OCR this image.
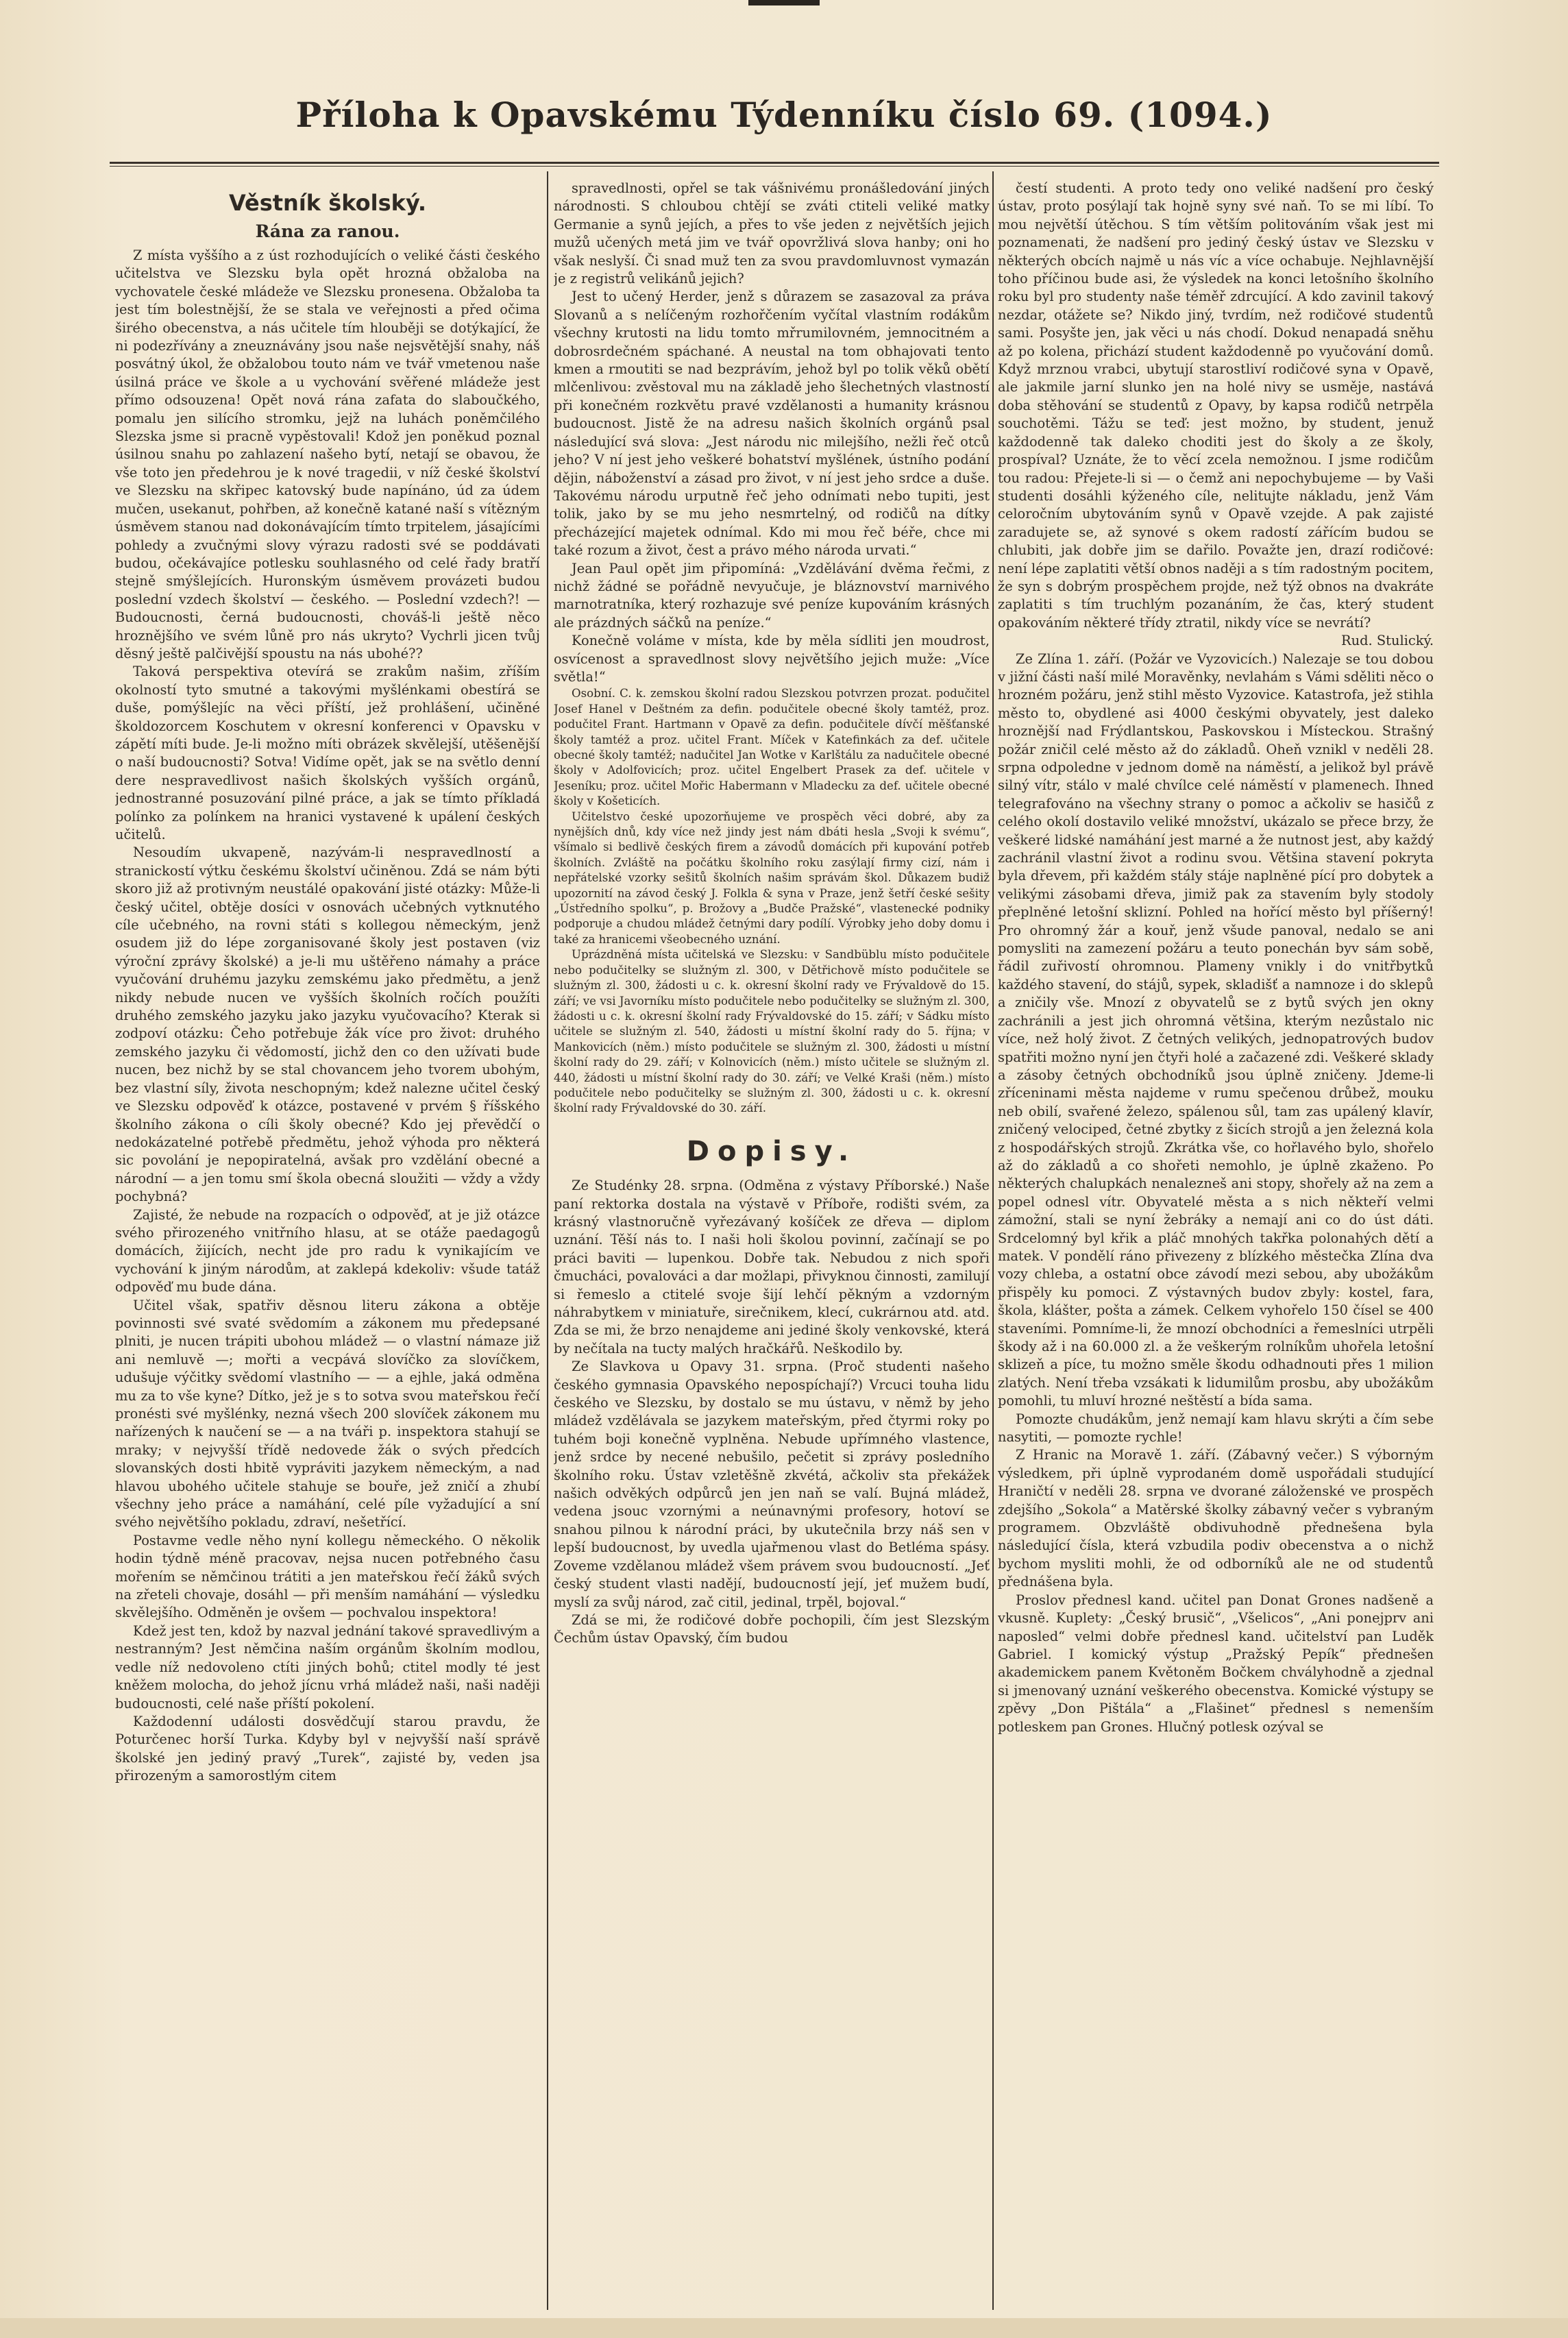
Příloha k Opavskému Týdenníku číslo 69. (1094.)
Věstník školský.
Rána za ranou.

Z místa vyššího a z úst rozhodujících o veliké části českého učitelstva ve Slezsku byla opět hrozná obžaloba na vychovatele české mládeže ve Slezsku pronesena. Obžaloba ta jest tím bolestnější, že se stala ve veřejnosti a před očima širého obecenstva, a nás učitele tím hlouběji se dotýkající, že ni podezřívány a zneuznávány jsou naše nejsvětější snahy, náš posvátný úkol, že obžalobou touto nám ve tvář vmetenou naše úsilná práce ve škole a u vychování svěřené mládeže jest přímo odsouzena! Opět nová rána zafata do slaboučkého, pomalu jen silícího stromku, jejž na luhách poněmčilého Slezska jsme si pracně vypěstovali! Kdož jen poněkud poznal úsilnou snahu po zahlazení našeho bytí, netají se obavou, že vše toto jen předehrou je k nové tragedii, v níž české školství ve Slezsku na skřipec katovský bude napínáno, úd za údem mučen, usekanut, pohřben, až konečně katané naší s vítězným úsměvem stanou nad dokonávajícím tímto trpitelem, jásajícími pohledy a zvučnými slovy výrazu radosti své se poddávati budou, očekávajíce potlesku souhlasného od celé řady bratří stejně smýšlejících. Huronským úsměvem provázeti budou poslední vzdech školství — českého. — Poslední vzdech?! — Budoucnosti, černá budoucnosti, chováš-li ještě něco hroznějšího ve svém lůně pro nás ukryto? Vychrli jicen tvůj děsný ještě palčivější spoustu na nás ubohé??

Taková perspektiva otevírá se zrakům našim, zříším okolností tyto smutné a takovými myšlénkami obestírá se duše, pomýšlejíc na věci příští, jež prohlášení, učiněné školdozorcem Koschutem v okresní konferenci v Opavsku v zápětí míti bude. Je-li možno míti obrázek skvělejší, utěšenější o naší budoucnosti? Sotva! Vidíme opět, jak se na světlo denní dere nespravedlivost našich školských vyšších orgánů, jednostranné posuzování pilné práce, a jak se tímto příkladá polínko za polínkem na hranici vystavené k upálení českých učitelů.

Nesoudím ukvapeně, nazývám-li nespravedlností a stranickostí výtku českému školství učiněnou. Zdá se nám býti skoro již až protivným neustálé opakování jisté otázky: Může-li český učitel, obtěje dosíci v osnovách učebných vytknutého cíle učebného, na rovni státi s kollegou německým, jenž osudem již do lépe zorganisované školy jest postaven (viz výroční zprávy školské) a je-li mu uštěřeno námahy a práce vyučování druhému jazyku zemskému jako předmětu, a jenž nikdy nebude nucen ve vyšších školních ročích použíti druhého zemského jazyku jako jazyku vyučovacího? Kterak si zodpoví otázku: Čeho potřebuje žák více pro život: druhého zemského jazyku či vědomostí, jichž den co den užívati bude nucen, bez nichž by se stal chovancem jeho tvorem ubohým, bez vlastní síly, života neschopným; kdež nalezne učitel český ve Slezsku odpověď k otázce, postavené v prvém § říšského školního zákona o cíli školy obecné? Kdo jej převědčí o nedokázatelné potřebě předmětu, jehož výhoda pro některá sic povolání je nepopiratelná, avšak pro vzdělání obecné a národní — a jen tomu smí škola obecná sloužiti — vždy a vždy pochybná?

Zajisté, že nebude na rozpacích o odpověď, at je již otázce svého přirozeného vnitřního hlasu, at se otáže paedagogů domácích, žijících, necht jde pro radu k vynikajícím ve vychování k jiným národům, at zaklepá kdekoliv: všude tatáž odpověď mu bude dána.

Učitel však, spatřiv děsnou literu zákona a obtěje povinnosti své svaté svědomím a zákonem mu předepsané plniti, je nucen trápiti ubohou mládež — o vlastní námaze již ani nemluvě —; mořti a vecpává slovíčko za slovíčkem, udušuje výčitky svědomí vlastního — — a ejhle, jaká odměna mu za to vše kyne? Dítko, jež je s to sotva svou mateřskou řečí pronésti své myšlénky, nezná všech 200 slovíček zákonem mu nařízených k naučení se — a na tváři p. inspektora stahují se mraky; v nejvyšší třídě nedovede žák o svých předcích slovanských dosti hbitě vypráviti jazykem německým, a nad hlavou ubohého učitele stahuje se bouře, jež zničí a zhubí všechny jeho práce a namáhání, celé píle vyžadující a sní svého největšího pokladu, zdraví, nešetřící.

Postavme vedle něho nyní kollegu německého. O několik hodin týdně méně pracovav, nejsa nucen potřebného času mořením se němčinou trátiti a jen mateřskou řečí žáků svých na zřeteli chovaje, dosáhl — při menším namáhání — výsledku skvělejšího. Odměněn je ovšem — pochvalou inspektora!

Kdež jest ten, kdož by nazval jednání takové spravedlivým a nestranným? Jest němčina naším orgánům školním modlou, vedle níž nedovoleno ctíti jiných bohů; ctitel modly té jest kněžem molocha, do jehož jícnu vrhá mládež naši, naši naději budoucnosti, celé naše příští pokolení.

Každodenní události dosvědčují starou pravdu, že Poturčenec horší Turka. Kdyby byl v nejvyšší naší správě školské jen jediný pravý „Turek“, zajisté by, veden jsa přirozeným a samorostlým citem

spravedlnosti, opřel se tak vášnivému pronášledování jiných národnosti. S chloubou chtějí se zváti ctiteli veliké matky Germanie a synů jejích, a přes to vše jeden z největších jejich mužů učených metá jim ve tvář opovržlivá slova hanby; oni ho však neslyší. Či snad muž ten za svou pravdomluvnost vymazán je z registrů velikánů jejich?

Jest to učený Herder, jenž s důrazem se zasazoval za práva Slovanů a s nelíčeným rozhořčením vyčítal vlastním rodákům všechny krutosti na lidu tomto mřrumilovném, jemnocitném a dobrosrdečném spáchané. A neustal na tom obhajovati tento kmen a rmoutiti se nad bezprávím, jehož byl po tolik věků obětí mlčenlivou: zvěstoval mu na základě jeho šlechetných vlastností při konečném rozkvětu pravé vzdělanosti a humanity krásnou budoucnost. Jistě že na adresu našich školních orgánů psal následující svá slova: „Jest národu nic milejšího, nežli řeč otců jeho? V ní jest jeho veškeré bohatství myšlének, ústního podání dějin, náboženství a zásad pro život, v ní jest jeho srdce a duše. Takovému národu urputně řeč jeho odnímati nebo tupiti, jest tolik, jako by se mu jeho nesmrtelný, od rodičů na dítky přecházející majetek odnímal. Kdo mi mou řeč béře, chce mi také rozum a život, čest a právo mého národa urvati.“

Jean Paul opět jim připomíná: „Vzdělávání dvěma řečmi, z nichž žádné se pořádně nevyučuje, je bláznovství marnivého marnotratníka, který rozhazuje své peníze kupováním krásných ale prázdných sáčků na peníze.“

Konečně voláme v místa, kde by měla sídliti jen moudrost, osvícenost a spravedlnost slovy největšího jejich muže: „Více světla!“

Osobní. C. k. zemskou školní radou Slezskou potvrzen prozat. podučitel Josef Hanel v Deštném za defin. podučitele obecné školy tamtéž, proz. podučitel Frant. Hartmann v Opavě za defin. podučitele dívčí měšťanské školy tamtéž a proz. učitel Frant. Míček v Katefinkách za def. učitele obecné školy tamtéž; nadučitel Jan Wotke v Karlštálu za nadučitele obecné školy v Adolfovicích; proz. učitel Engelbert Prasek za def. učitele v Jeseníku; proz. učitel Mořic Habermann v Mladecku za def. učitele obecné školy v Košeticích.

Učitelstvo české upozorňujeme ve prospěch věci dobré, aby za nynějších dnů, kdy více než jindy jest nám dbáti hesla „Svoji k svému“, všímalo si bedlivě českých firem a závodů domácích při kupování potřeb školních. Zvláště na počátku školního roku zasýlají firmy cizí, nám i nepřátelské vzorky sešitů školních našim správám škol. Důkazem budiž upozornití na závod český J. Folkla & syna v Praze, jenž šetří české sešity „Ústředního spolku“, p. Brožovy a „Budče Pražské“, vlastenecké podniky podporuje a chudou mládež četnými dary podílí. Výrobky jeho doby domu i také za hranicemi všeobecného uznání.

Uprázdněná místa učitelská ve Slezsku: v Sandbüblu místo podučitele nebo podučitelky se služným zl. 300, v Dětřichově místo podučitele se služným zl. 300, žádosti u c. k. okresní školní rady ve Frývaldově do 15. září; ve vsi Javorníku místo podučitele nebo podučitelky se služným zl. 300, žádosti u c. k. okresní školní rady Frývaldovské do 15. září; v Sádku místo učitele se služným zl. 540, žádosti u místní školní rady do 5. října; v Mankovicích (něm.) místo podučitele se služným zl. 300, žádosti u místní školní rady do 29. září; v Kolnovicích (něm.) místo učitele se služným zl. 440, žádosti u místní školní rady do 30. září; ve Velké Kraši (něm.) místo podučitele nebo podučitelky se služným zl. 300, žádosti u c. k. okresní školní rady Frývaldovské do 30. září.

Dopisy.

Ze Studénky 28. srpna. (Odměna z výstavy Příborské.) Naše paní rektorka dostala na výstavě v Příboře, rodišti svém, za krásný vlastnoručně vyřezávaný košíček ze dřeva — diplom uznání. Těší nás to. I naši holi školou povinní, začínají se po práci baviti — lupenkou. Dobře tak. Nebudou z nich spoři čmucháci, povalováci a dar možlapi, přivyknou činnosti, zamilují si řemeslo a ctitelé svoje šijí lehčí pěkným a vzdorným náhrabytkem v miniatuře, sirečnikem, klecí, cukrárnou atd. atd. Zda se mi, že brzo nenajdeme ani jediné školy venkovské, která by nečítala na tucty malých hračkářů. Neškodilo by.

Ze Slavkova u Opavy 31. srpna. (Proč studenti našeho českého gymnasia Opavského nepospíchají?) Vrcuci touha lidu českého ve Slezsku, by dostalo se mu ústavu, v němž by jeho mládež vzdělávala se jazykem mateřským, před čtyrmi roky po tuhém boji konečně vyplněna. Nebude upřímného vlastence, jenž srdce by necené nebušilo, pečetit si zprávy posledního školního roku. Ústav vzletěšně zkvétá, ačkoliv sta překážek našich odvěkých odpůrců jen jen naň se valí. Bujná mládež, vedena jsouc vzornými a neúnavnými profesory, hotoví se snahou pilnou k národní práci, by ukutečnila brzy náš sen v lepší budoucnost, by uvedla ujařmenou vlast do Betléma spásy. Zoveme vzdělanou mládež všem právem svou budoucností. „Jeť český student vlasti nadějí, budoucností její, jeť mužem budí, myslí za svůj národ, zač citil, jedinal, trpěl, bojoval.“

Zdá se mi, že rodičové dobře pochopili, čím jest Slezským Čechům ústav Opavský, čím budou

čestí studenti. A proto tedy ono veliké nadšení pro český ústav, proto posýlají tak hojně syny své naň. To se mi líbí. To mou největší útěchou. S tím větším politováním však jest mi poznamenati, že nadšení pro jediný český ústav ve Slezsku v některých obcích najmě u nás víc a více ochabuje. Nejhlavnější toho příčinou bude asi, že výsledek na konci letošního školního roku byl pro studenty naše téměř zdrcující. A kdo zavinil takový nezdar, otážete se? Nikdo jiný, tvrdím, než rodičové studentů sami. Posyšte jen, jak věci u nás chodí. Dokud nenapadá sněhu až po kolena, přichází student každodenně po vyučování domů. Když mrznou vrabci, ubytují starostliví rodičové syna v Opavě, ale jakmile jarní slunko jen na holé nivy se usměje, nastává doba stěhování se studentů z Opavy, by kapsa rodičů netrpěla souchotěmi. Tážu se teď: jest možno, by student, jenuž každodenně tak daleko choditi jest do školy a ze školy, prospíval? Uznáte, že to věcí zcela nemožnou. I jsme rodičům tou radou: Přejete-li si — o čemž ani nepochybujeme — by Vaši studenti dosáhli kýženého cíle, nelitujte nákladu, jenž Vám celoročním ubytováním synů v Opavě vzejde. A pak zajisté zaradujete se, až synové s okem radostí zářícím budou se chlubiti, jak dobře jim se dařilo. Považte jen, drazí rodičové: není lépe zaplatiti větší obnos naději a s tím radostným pocitem, že syn s dobrým prospěchem projde, než týž obnos na dvakráte zaplatiti s tím truchlým pozanáním, že čas, který student opakováním některé třídy ztratil, nikdy více se nevrátí?

Rud. Stulický.

Ze Zlína 1. září. (Požár ve Vyzovicích.) Nalezaje se tou dobou v jižní části naší milé Moravěnky, nevlahám s Vámi sděliti něco o hrozném požáru, jenž stihl město Vyzovice. Katastrofa, jež stihla město to, obydlené asi 4000 českými obyvately, jest daleko hroznější nad Frýdlantskou, Paskovskou i Místeckou. Strašný požár zničil celé město až do základů. Oheň vznikl v neděli 28. srpna odpoledne v jednom domě na náměstí, a jelikož byl právě silný vítr, stálo v malé chvílce celé náměstí v plamenech. Ihned telegrafováno na všechny strany o pomoc a ačkoliv se hasičů z celého okolí dostavilo veliké množství, ukázalo se přece brzy, že veškeré lidské namáhání jest marné a že nutnost jest, aby každý zachránil vlastní život a rodinu svou. Většina stavení pokryta byla dřevem, při každém stály stáje naplněné pící pro dobytek a velikými zásobami dřeva, jimiž pak za stavením byly stodoly přeplněné letošní sklizní. Pohled na hořící město byl příšerný! Pro ohromný žár a kouř, jenž všude panoval, nedalo se ani pomysliti na zamezení požáru a teuto ponechán byv sám sobě, řádil zuřivostí ohromnou. Plameny vnikly i do vnitřbytků každého stavení, do stájů, sypek, skladišť a namnoze i do sklepů a zničily vše. Mnozí z obyvatelů se z bytů svých jen okny zachránili a jest jich ohromná většina, kterým nezůstalo nic více, než holý život. Z četných velikých, jednopatrových budov spatřiti možno nyní jen čtyři holé a začazené zdi. Veškeré sklady a zásoby četných obchodníků jsou úplně zničeny. Jdeme-li zříceninami města najdeme v rumu spečenou drůbež, mouku neb obilí, svařené železo, spálenou sůl, tam zas upálený klavír, zničený velociped, četné zbytky z šicích strojů a jen železná kola z hospodářských strojů. Zkrátka vše, co hořlavého bylo, shořelo až do základů a co shořeti nemohlo, je úplně zkaženo. Po některých chalupkách nenalezneš ani stopy, shořely až na zem a popel odnesl vítr. Obyvatelé města a s nich někteří velmi zámožní, stali se nyní žebráky a nemají ani co do úst dáti. Srdcelomný byl křik a pláč mnohých takřka polonahých dětí a matek. V pondělí ráno přivezeny z blízkého městečka Zlína dva vozy chleba, a ostatní obce závodí mezi sebou, aby ubožákům přispěly ku pomoci. Z výstavných budov zbyly: kostel, fara, škola, klášter, pošta a zámek. Celkem vyhořelo 150 čísel se 400 staveními. Pomníme-li, že mnozí obchodníci a řemeslníci utrpěli škody až i na 60.000 zl. a že veškerým rolníkům uhořela letošní sklizeň a píce, tu možno směle škodu odhadnouti přes 1 milion zlatých. Není třeba vzsákati k lidumilům prosbu, aby ubožákům pomohli, tu mluví hrozné neštěstí a bída sama.

Pomozte chudákům, jenž nemají kam hlavu skrýti a čím sebe nasytiti, — pomozte rychle!

Z Hranic na Moravě 1. září. (Zábavný večer.) S výborným výsledkem, při úplně vyprodaném domě uspořádali studující Hraničtí v neděli 28. srpna ve dvorané záloženské ve prospěch zdejšího „Sokola“ a Matěrské školky zábavný večer s vybraným programem. Obzvláště obdivuhodně přednešena byla následující čísla, která vzbudila podiv obecenstva a o nichž bychom mysliti mohli, že od odborníků ale ne od studentů přednášena byla.

Proslov přednesl kand. učitel pan Donat Grones nadšeně a vkusně. Kuplety: „Český brusič“, „Všelicos“, „Ani ponejprv ani naposled“ velmi dobře přednesl kand. učitelství pan Luděk Gabriel. I komický výstup „Pražský Pepík“ přednešen akademickem panem Květoněm Bočkem chvályhodně a zjednal si jmenovaný uznání veškerého obecenstva. Komické výstupy se zpěvy „Don Pištála“ a „Flašinet“ přednesl s nemenším potleskem pan Grones. Hlučný potlesk ozýval se
